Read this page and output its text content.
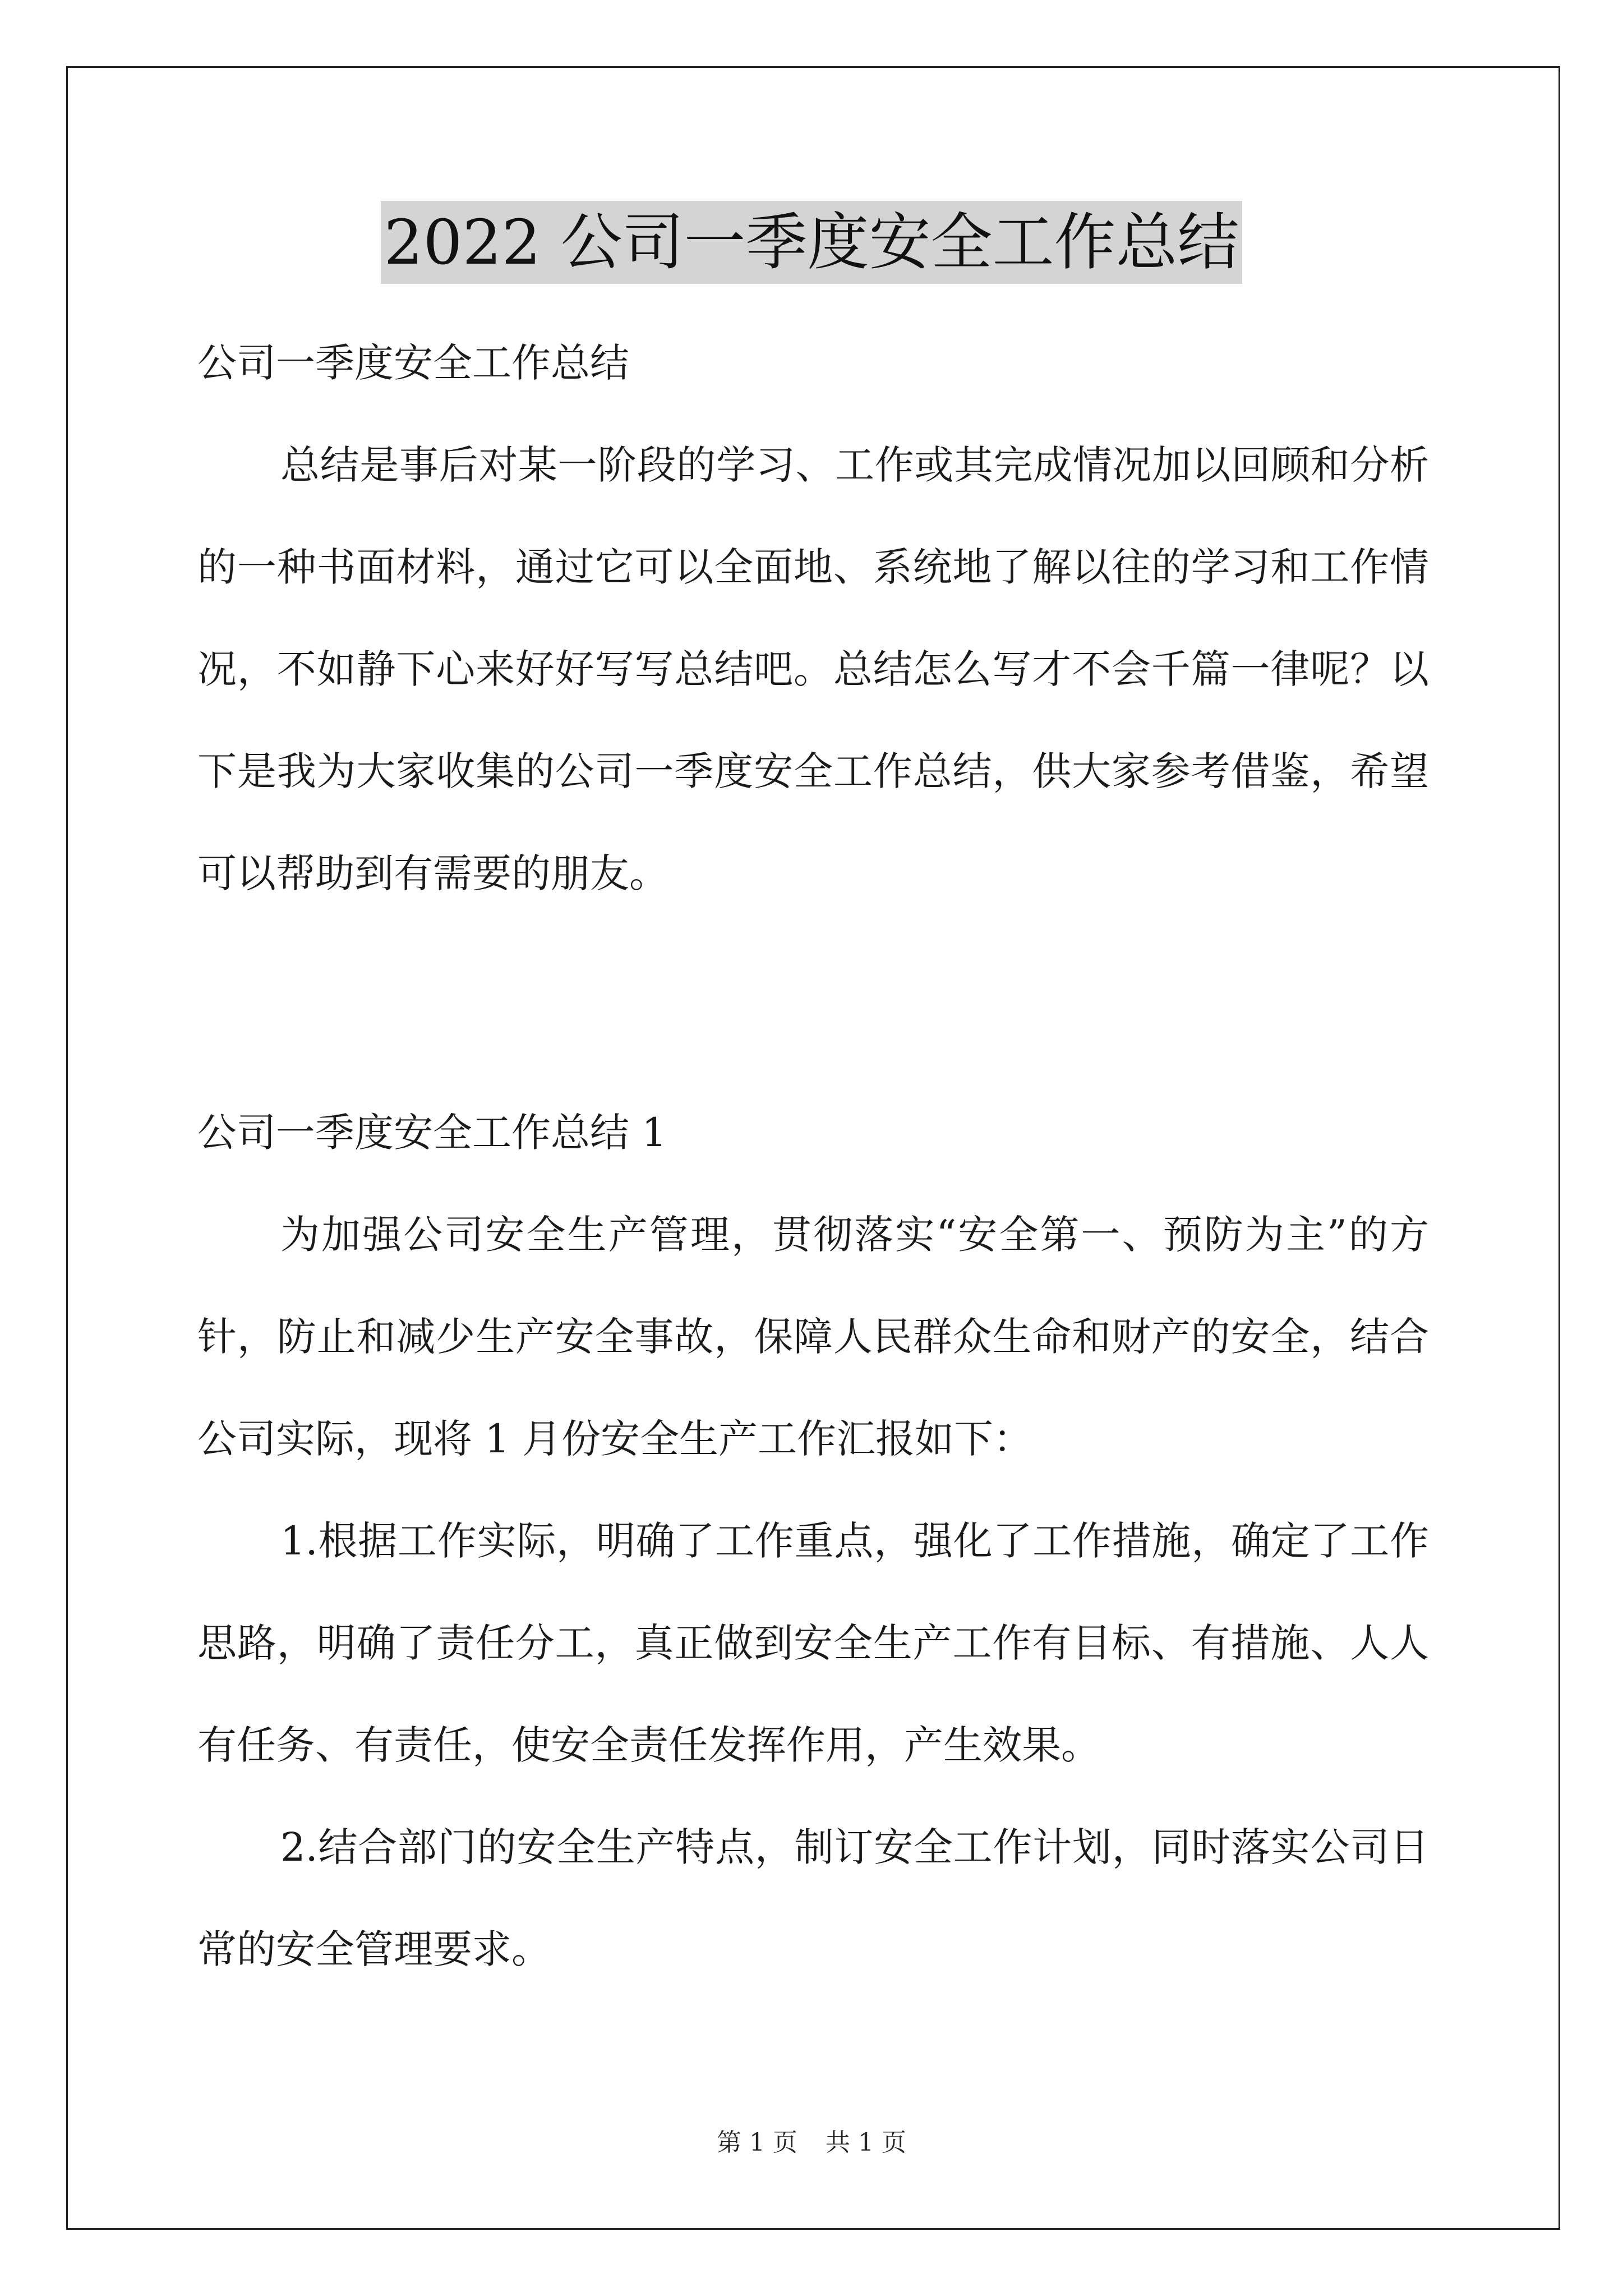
2022 公司一季度安全工作总结
公司一季度安全工作总结
总结是事后对某一阶段的学习、工作或其完成情况加以回顾和分析的一种书面材料，通过它可以全面地、系统地了解以往的学习和工作情况，不如静下心来好好写写总结吧。总结怎么写才不会千篇一律呢？以下是我为大家收集的公司一季度安全工作总结，供大家参考借鉴，希望可以帮助到有需要的朋友。
公司一季度安全工作总结 1
为加强公司安全生产管理，贯彻落实“安全第一、预防为主”的方针，防止和减少生产安全事故，保障人民群众生命和财产的安全，结合公司实际，现将 1 月份安全生产工作汇报如下：
1.根据工作实际，明确了工作重点，强化了工作措施，确定了工作思路，明确了责任分工，真正做到安全生产工作有目标、有措施、人人有任务、有责任，使安全责任发挥作用，产生效果。
2.结合部门的安全生产特点，制订安全工作计划，同时落实公司日常的安全管理要求。
第 1 页 共 1 页
